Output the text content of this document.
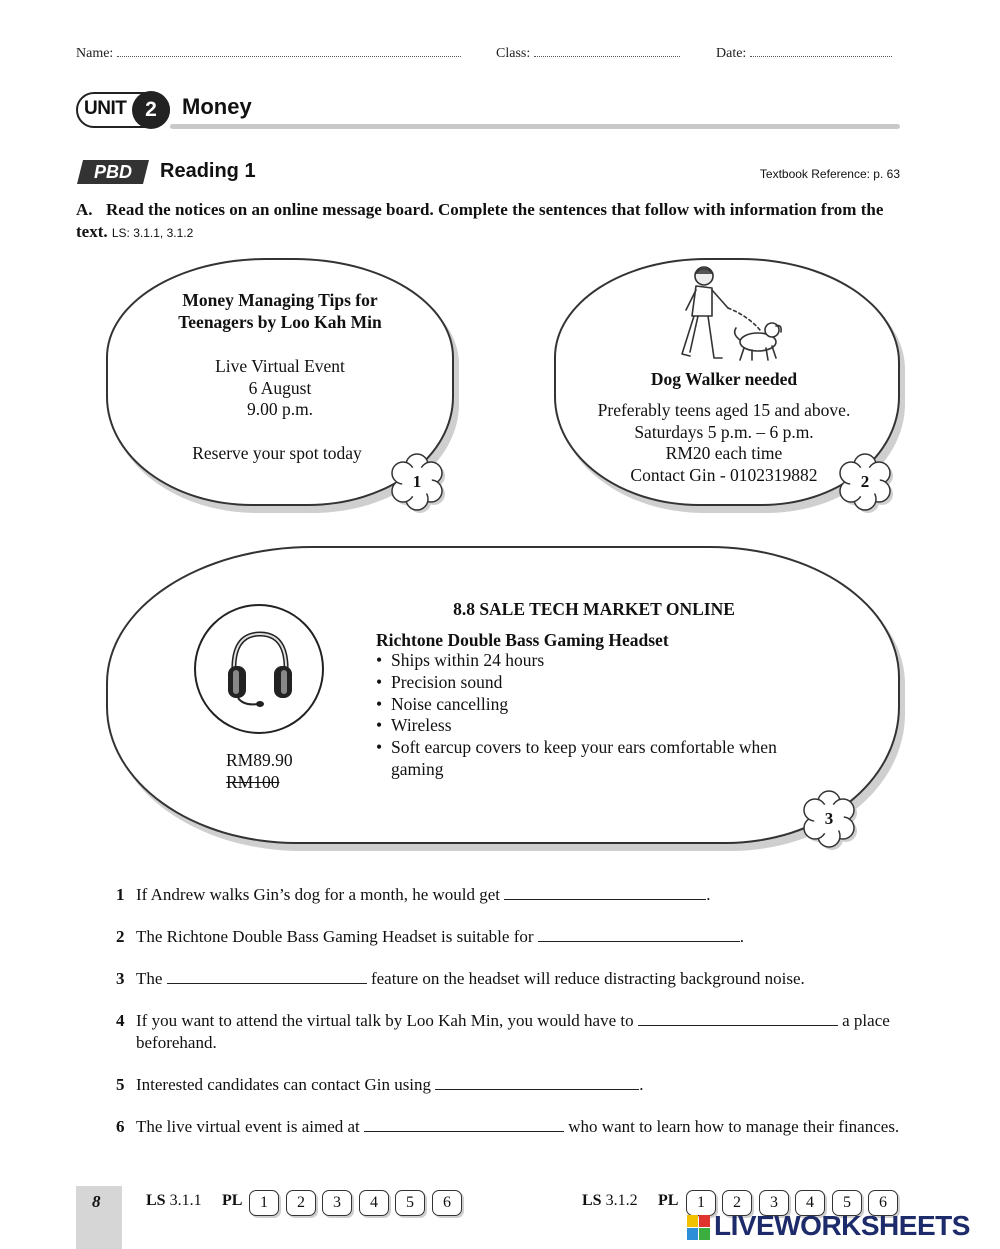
Name:	Class:	Date:
UNIT 2	Money
PBD	Reading 1	Textbook Reference: p. 63
A. Read the notices on an online message board. Complete the sentences that follow with information from the text. LS: 3.1.1, 3.1.2
Money Managing Tips for
Teenagers by Loo Kah Min
Live Virtual Event
6 August
9.00 p.m.
Reserve your spot today
1
Dog Walker needed
Preferably teens aged 15 and above.
Saturdays 5 p.m. – 6 p.m.
RM20 each time
Contact Gin - 0102319882	2
RM89.90
RM100
8.8 SALE TECH MARKET ONLINE
Richtone Double Bass Gaming Headset
• Ships within 24 hours
• Precision sound
• Noise cancelling
• Wireless
• Soft earcup covers to keep your ears comfortable when gaming
3
1 If Andrew walks Gin’s dog for a month, he would get	.
2 The Richtone Double Bass Gaming Headset is suitable for	.
3 The	feature on the headset will reduce distracting background noise.
4 If you want to attend the virtual talk by Loo Kah Min, you would have to	a place beforehand.
5 Interested candidates can contact Gin using	.
6 The live virtual event is aimed at	who want to learn how to manage their finances.
8	LS 3.1.1 PL	1	2	3	4	5	6	LS 3.1.2 PL	1	2	3	4	5	6
LIVEWORKSHEETS
